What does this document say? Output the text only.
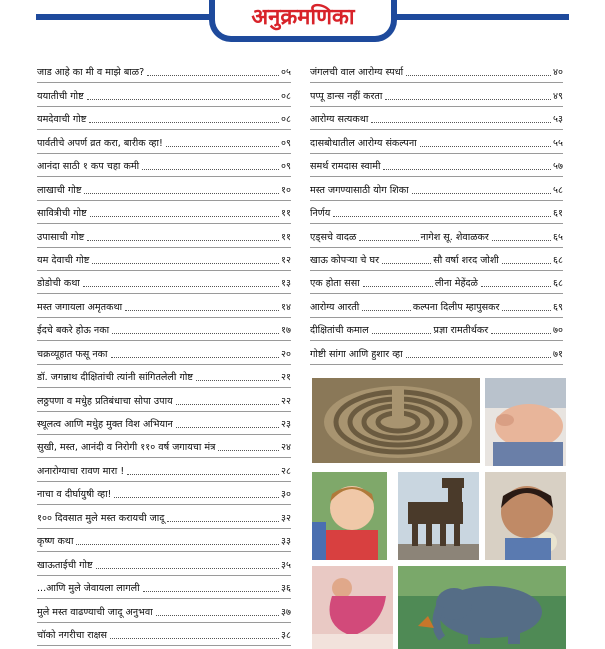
अनुक्रमणिका
जाड आहे का मी व माझे बाळ?	०५
ययातीची गोष्ट	०८
यमदेवाची गोष्ट	०८
पार्वतीचे अपर्ण व्रत करा, बारीक व्हा!	०९
आनंदा साठी १ कप चहा कमी	०९
लाखाची गोष्ट	१०
सावित्रीची गोष्ट	११
उपासाची गोष्ट	११
यम देवाची गोष्ट	१२
डोडोची कथा	१३
मस्त जगायला अमृतकथा	१४
ईदचे बकरे होऊ नका	१७
चक्रव्यूहात फसू नका	२०
डॉ. जगन्नाथ दीक्षितांची त्यांनी सांगितलेली गोष्ट	२१
लठ्ठपणा व मधुेह प्रतिबंधाचा सोपा उपाय	२२
स्थूलत्व आणि मधुेह मुक्त विश अभियान	२३
सुखी, मस्त, आनंदी व निरोगी ११० वर्ष जगायचा मंत्र	२४
अनारोग्याचा रावण मारा !	२८
नाचा व दीर्घायुषी व्हा!	३०
१०० दिवसात मुले मस्त करायची जादू	३२
कृष्ण कथा	३३
खाऊताईची गोष्ट	३५
...आणि मुले जेवायला लागली	३६
मुले मस्त वाढण्याची जादू अनुभवा	३७
चॉको नगरीचा राक्षस	३८
जंगलची वाल आरोग्य स्पर्धा	४०
पप्पू डान्स नहीं करता	४९
आरोग्य सत्यकथा	५३
दासबोधातील आरोग्य संकल्पना	५५
समर्थ रामदास स्वामी	५७
मस्त जगण्यासाठी योग शिका	५८
निर्णय	६१
एड्सचे वादळ	नागेश सू. शेवाळकर	६५
खाऊ कोपऱ्या चे घर	सौ वर्षा शरद जोशी	६८
एक होता ससा	लीना मेहेंदळे	६८
आरोग्य आरती	कल्पना दिलीप म्हापुसकर	६९
दीक्षितांची कमाल	प्रज्ञा रामतीर्थकर	७०
गोष्टी सांगा आणि हुशार व्हा	७१
